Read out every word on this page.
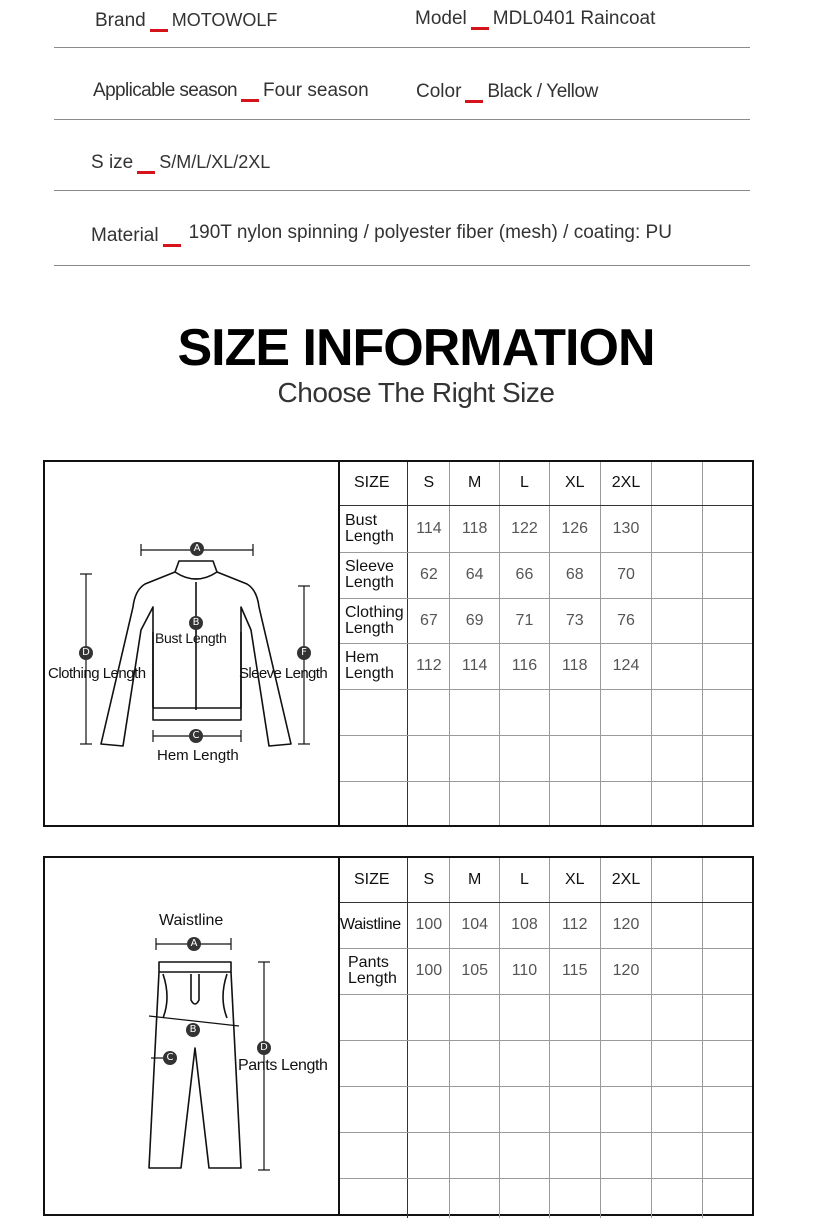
Brand MOTOWOLF	Model MDL0401 Raincoat
Applicable season Four season Color Black / Yellow
S ize S/M/L/XL/2XL
Material 190T nylon spinning / polyester fiber (mesh) / coating: PU
SIZE INFORMATION
Choose The Right Size
A
B
C
D	F
Bust Length
Clothing Length	Sleeve Length
Hem Length
SIZE	S	M	L	XL	2XL		
Bust Length	114	118	122	126	130		
Sleeve Length	62	64	66	68	70		
Clothing Length	67	69	71	73	76		
Hem Length	112	114	116	118	124		

A
B
C
D
Waistline
Pants Length
SIZE	S	M	L	XL	2XL		
Waistline	100	104	108	112	120		
Pants Length	100	105	110	115	120		
